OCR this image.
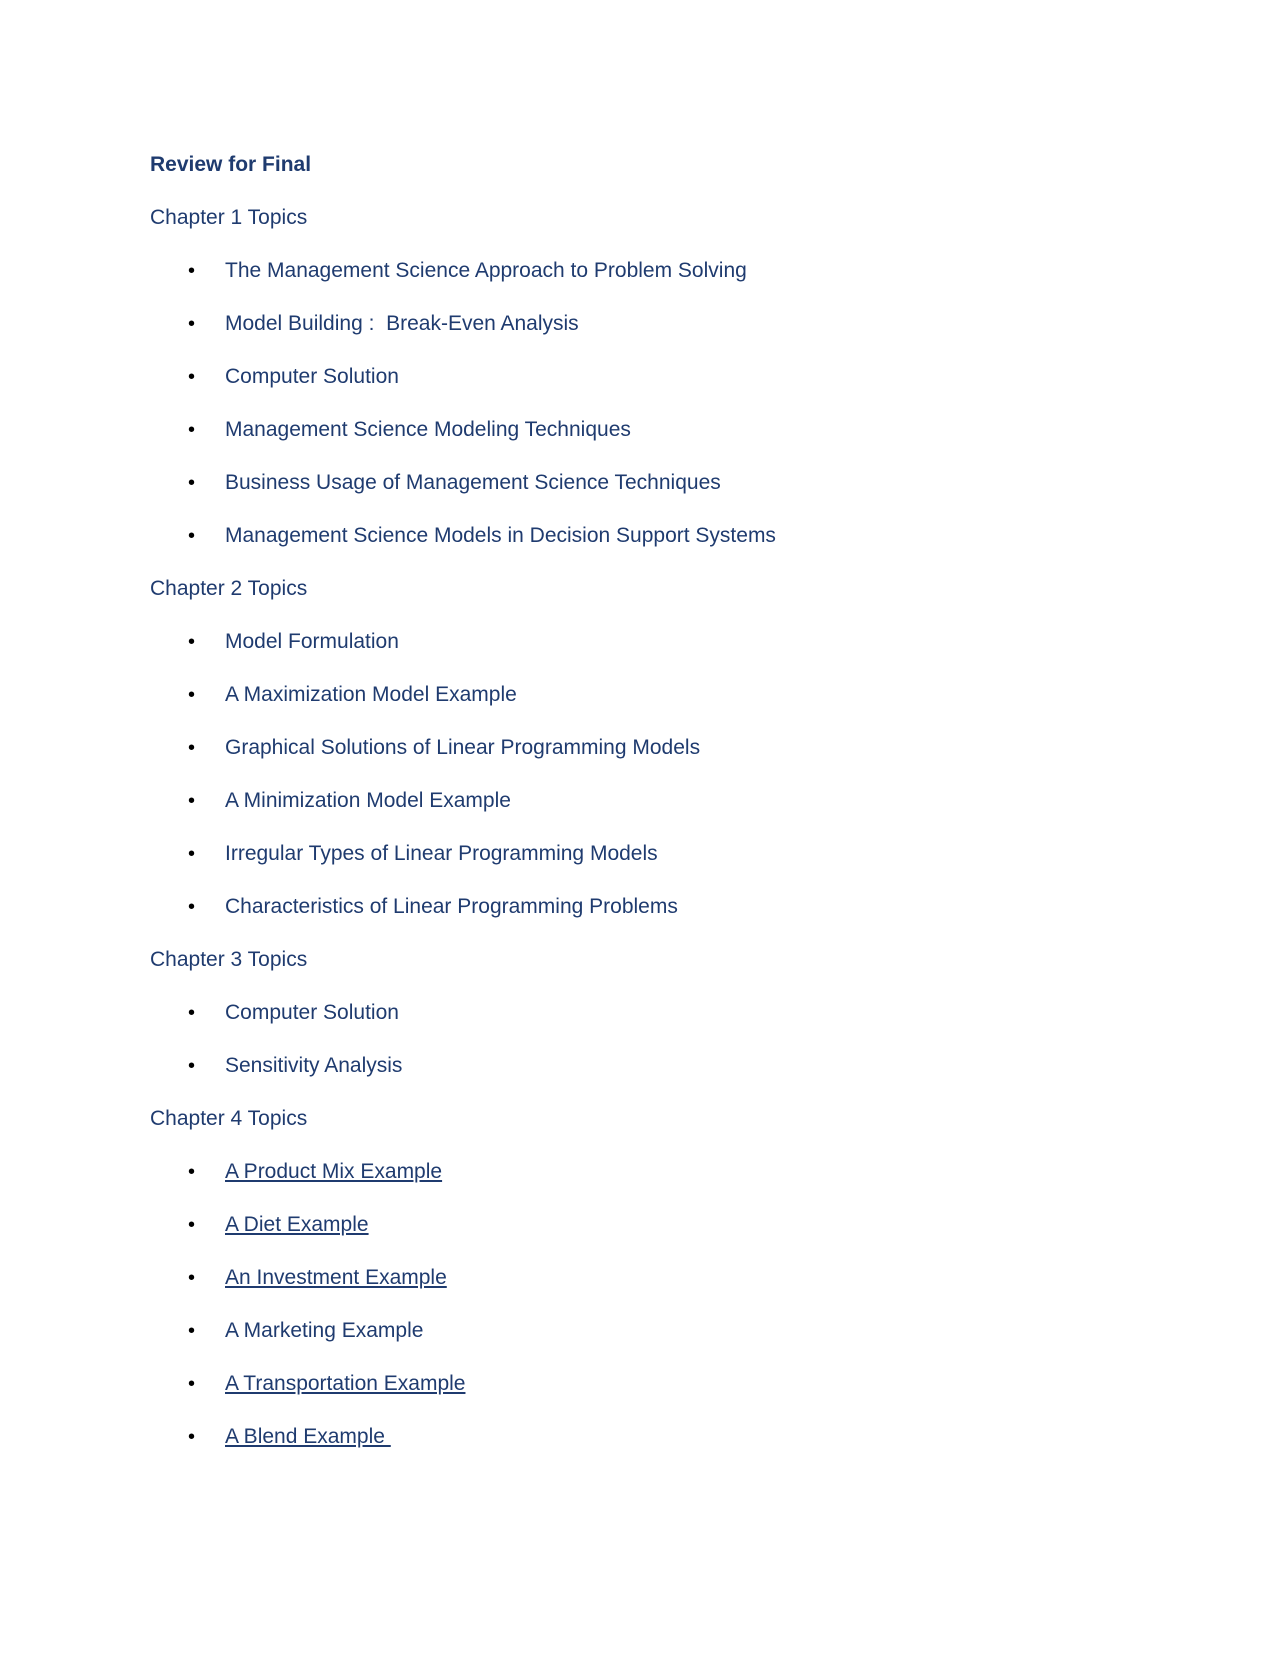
Review for Final
Chapter 1 Topics
• The Management Science Approach to Problem Solving
• Model Building :  Break-Even Analysis
• Computer Solution
• Management Science Modeling Techniques
• Business Usage of Management Science Techniques
• Management Science Models in Decision Support Systems
Chapter 2 Topics
• Model Formulation
• A Maximization Model Example
• Graphical Solutions of Linear Programming Models
• A Minimization Model Example
• Irregular Types of Linear Programming Models
• Characteristics of Linear Programming Problems
Chapter 3 Topics
• Computer Solution
• Sensitivity Analysis
Chapter 4 Topics
• A Product Mix Example
• A Diet Example
• An Investment Example
• A Marketing Example
• A Transportation Example
• A Blend Example
